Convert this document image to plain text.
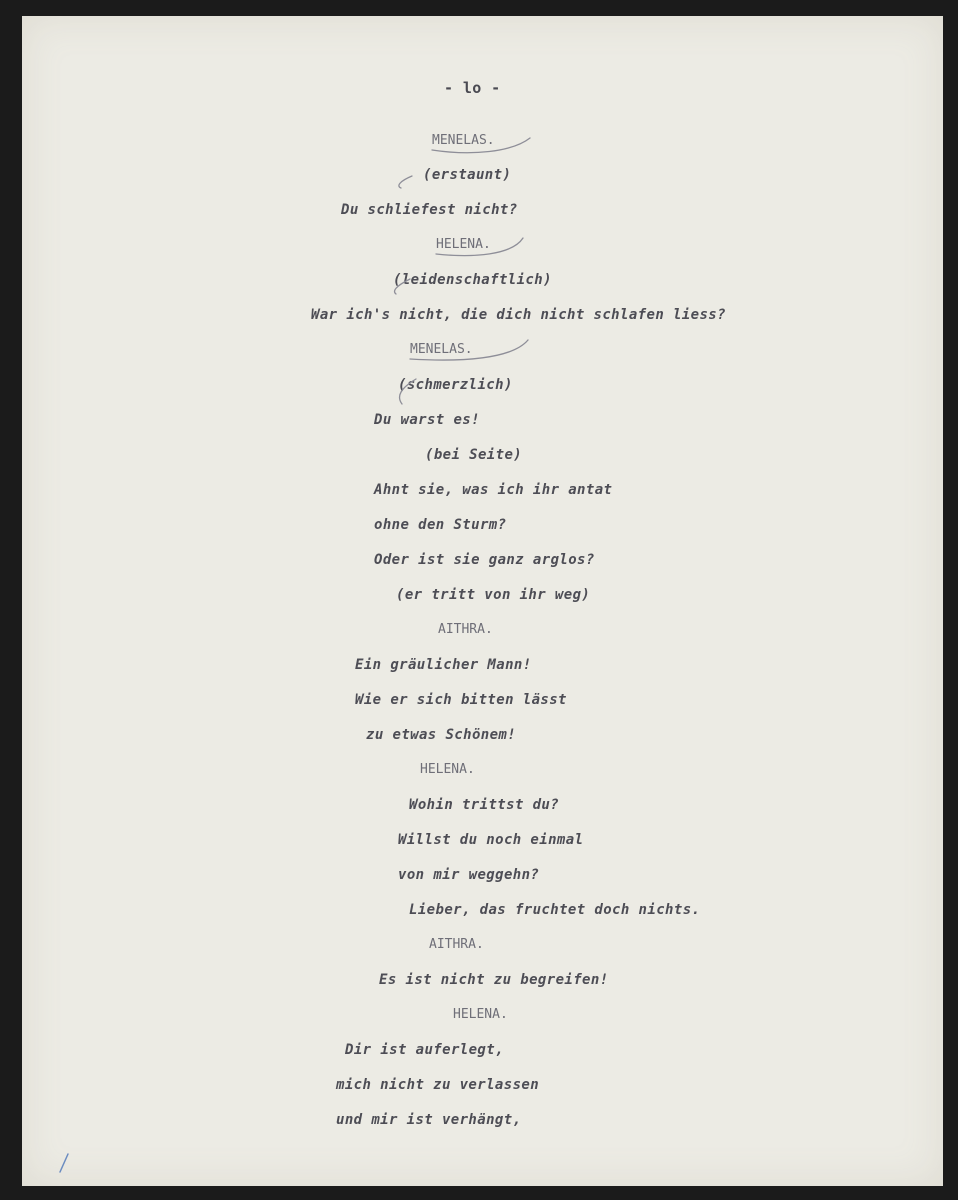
- lo -
MENELAS.
(erstaunt)
Du schliefest nicht?
HELENA.
(leidenschaftlich)
War ich's nicht, die dich nicht schlafen liess?
MENELAS.
(schmerzlich)
Du warst es!
(bei Seite)
Ahnt sie, was ich ihr antat
ohne den Sturm?
Oder ist sie ganz arglos?
(er tritt von ihr weg)
AITHRA.
Ein gräulicher Mann!
Wie er sich bitten lässt
zu etwas Schönem!
HELENA.
Wohin trittst du?
Willst du noch einmal
von mir weggehn?
Lieber, das fruchtet doch nichts.
AITHRA.
Es ist nicht zu begreifen!
HELENA.
Dir ist auferlegt,
mich nicht zu verlassen
und mir ist verhängt,
